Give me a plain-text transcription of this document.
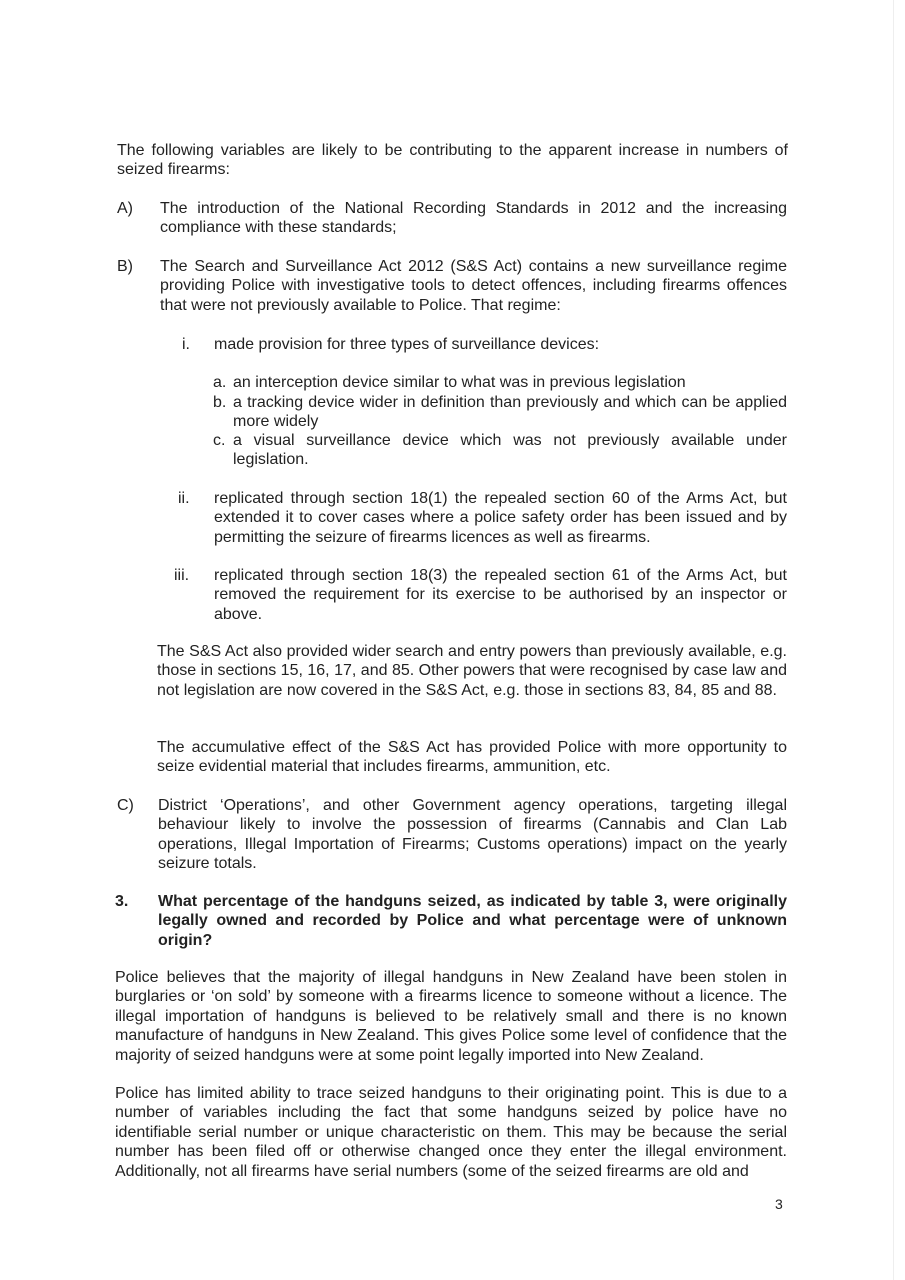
The following variables are likely to be contributing to the apparent increase in numbers of seized firearms:

A) The introduction of the National Recording Standards in 2012 and the increasing compliance with these standards;

B) The Search and Surveillance Act 2012 (S&S Act) contains a new surveillance regime providing Police with investigative tools to detect offences, including firearms offences that were not previously available to Police. That regime:

i. made provision for three types of surveillance devices:

a. an interception device similar to what was in previous legislation

b. a tracking device wider in definition than previously and which can be applied more widely

c. a visual surveillance device which was not previously available under legislation.

ii. replicated through section 18(1) the repealed section 60 of the Arms Act, but extended it to cover cases where a police safety order has been issued and by permitting the seizure of firearms licences as well as firearms.

iii. replicated through section 18(3) the repealed section 61 of the Arms Act, but removed the requirement for its exercise to be authorised by an inspector or above.

The S&S Act also provided wider search and entry powers than previously available, e.g. those in sections 15, 16, 17, and 85. Other powers that were recognised by case law and not legislation are now covered in the S&S Act, e.g. those in sections 83, 84, 85 and 88.

The accumulative effect of the S&S Act has provided Police with more opportunity to seize evidential material that includes firearms, ammunition, etc.

C) District ‘Operations’, and other Government agency operations, targeting illegal behaviour likely to involve the possession of firearms (Cannabis and Clan Lab operations, Illegal Importation of Firearms; Customs operations) impact on the yearly seizure totals.

3. What percentage of the handguns seized, as indicated by table 3, were originally legally owned and recorded by Police and what percentage were of unknown origin?

Police believes that the majority of illegal handguns in New Zealand have been stolen in burglaries or ‘on sold’ by someone with a firearms licence to someone without a licence. The illegal importation of handguns is believed to be relatively small and there is no known manufacture of handguns in New Zealand. This gives Police some level of confidence that the majority of seized handguns were at some point legally imported into New Zealand.

Police has limited ability to trace seized handguns to their originating point. This is due to a number of variables including the fact that some handguns seized by police have no identifiable serial number or unique characteristic on them. This may be because the serial number has been filed off or otherwise changed once they enter the illegal environment. Additionally, not all firearms have serial numbers (some of the seized firearms are old and

3
